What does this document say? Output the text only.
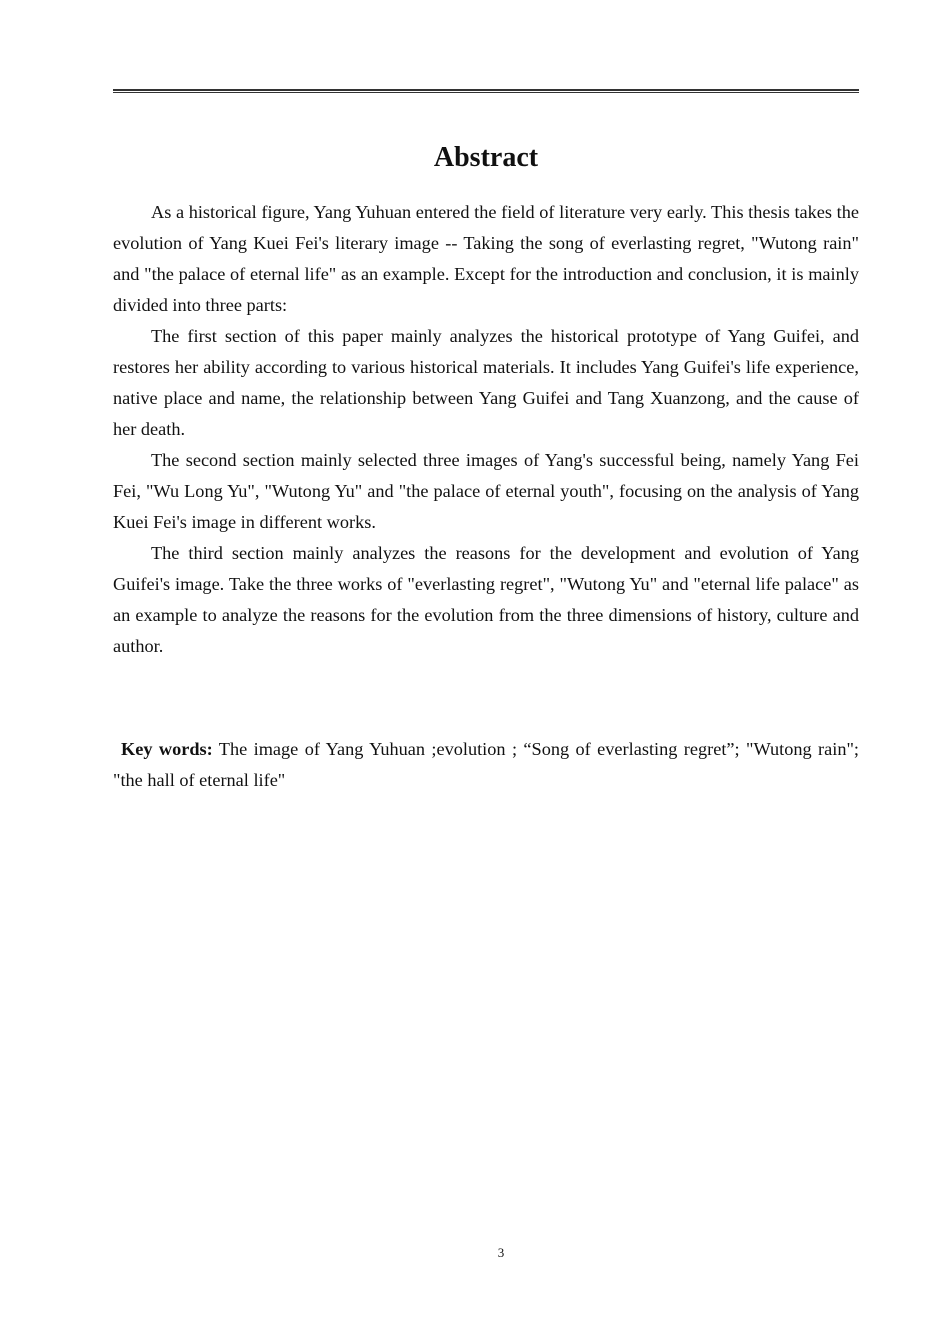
Abstract

As a historical figure, Yang Yuhuan entered the field of literature very early. This thesis takes the evolution of Yang Kuei Fei's literary image -- Taking the song of everlasting regret, "Wutong rain" and "the palace of eternal life" as an example. Except for the introduction and conclusion, it is mainly divided into three parts:

The first section of this paper mainly analyzes the historical prototype of Yang Guifei, and restores her ability according to various historical materials. It includes Yang Guifei's life experience, native place and name, the relationship between Yang Guifei and Tang Xuanzong, and the cause of her death.

The second section mainly selected three images of Yang's successful being, namely Yang Fei Fei, "Wu Long Yu", "Wutong Yu" and "the palace of eternal youth", focusing on the analysis of Yang Kuei Fei's image in different works.

The third section mainly analyzes the reasons for the development and evolution of Yang Guifei's image. Take the three works of "everlasting regret", "Wutong Yu" and "eternal life palace" as an example to analyze the reasons for the evolution from the three dimensions of history, culture and author.

Key words: The image of Yang Yuhuan ;evolution ; “Song of everlasting regret”; "Wutong rain"; "the hall of eternal life"

3
